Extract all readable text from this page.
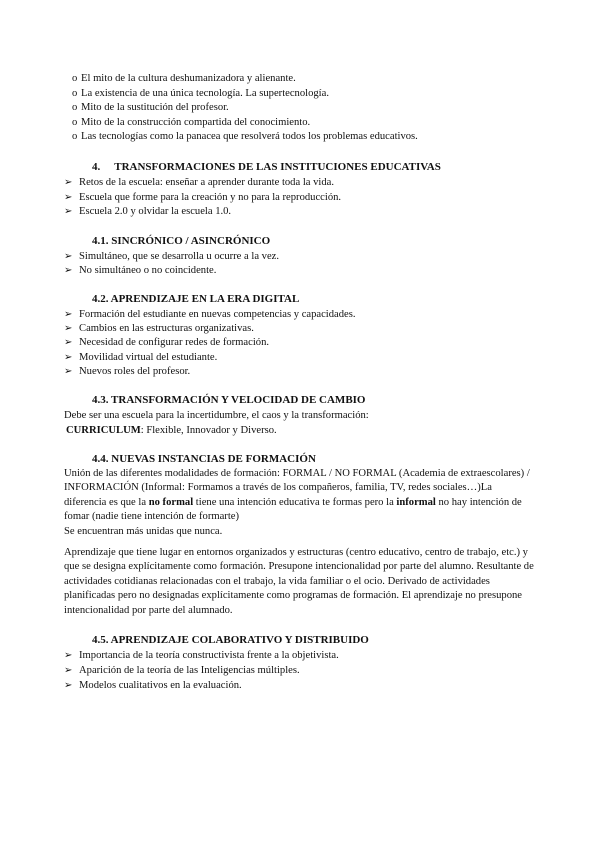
o El mito de la cultura deshumanizadora y alienante.
o La existencia de una única tecnología. La supertecnología.
o Mito de la sustitución del profesor.
o Mito de la construcción compartida del conocimiento.
o Las tecnologías como la panacea que resolverá todos los problemas educativos.
4. TRANSFORMACIONES DE LAS INSTITUCIONES EDUCATIVAS
➢ Retos de la escuela: enseñar a aprender durante toda la vida.
➢ Escuela que forme para la creación y no para la reproducción.
➢ Escuela 2.0 y olvidar la escuela 1.0.
4.1. SINCRÓNICO / ASINCRÓNICO
➢ Simultáneo, que se desarrolla u ocurre a la vez.
➢ No simultáneo o no coincidente.
4.2. APRENDIZAJE EN LA ERA DIGITAL
➢ Formación del estudiante en nuevas competencias y capacidades.
➢ Cambios en las estructuras organizativas.
➢ Necesidad de configurar redes de formación.
➢ Movilidad virtual del estudiante.
➢ Nuevos roles del profesor.
4.3. TRANSFORMACIÓN Y VELOCIDAD DE CAMBIO
Debe ser una escuela para la incertidumbre, el caos y la transformación:
CURRICULUM: Flexible, Innovador y Diverso.
4.4. NUEVAS INSTANCIAS DE FORMACIÓN
Unión de las diferentes modalidades de formación: FORMAL / NO FORMAL (Academia de extraescolares) / INFORMACIÓN (Informal: Formamos a través de los compañeros, familia, TV, redes sociales…)La diferencia es que la no formal tiene una intención educativa te formas pero la informal no hay intención de fomar (nadie tiene intención de formarte)
Se encuentran más unidas que nunca.
Aprendizaje que tiene lugar en entornos organizados y estructuras (centro educativo, centro de trabajo, etc.) y que se designa explícitamente como formación. Presupone intencionalidad por parte del alumno. Resultante de actividades cotidianas relacionadas con el trabajo, la vida familiar o el ocio. Derivado de actividades planificadas pero no designadas explícitamente como programas de formación. El aprendizaje no presupone intencionalidad por parte del alumnado.
4.5. APRENDIZAJE COLABORATIVO Y DISTRIBUIDO
➢ Importancia de la teoría constructivista frente a la objetivista.
➢ Aparición de la teoría de las Inteligencias múltiples.
➢ Modelos cualitativos en la evaluación.
